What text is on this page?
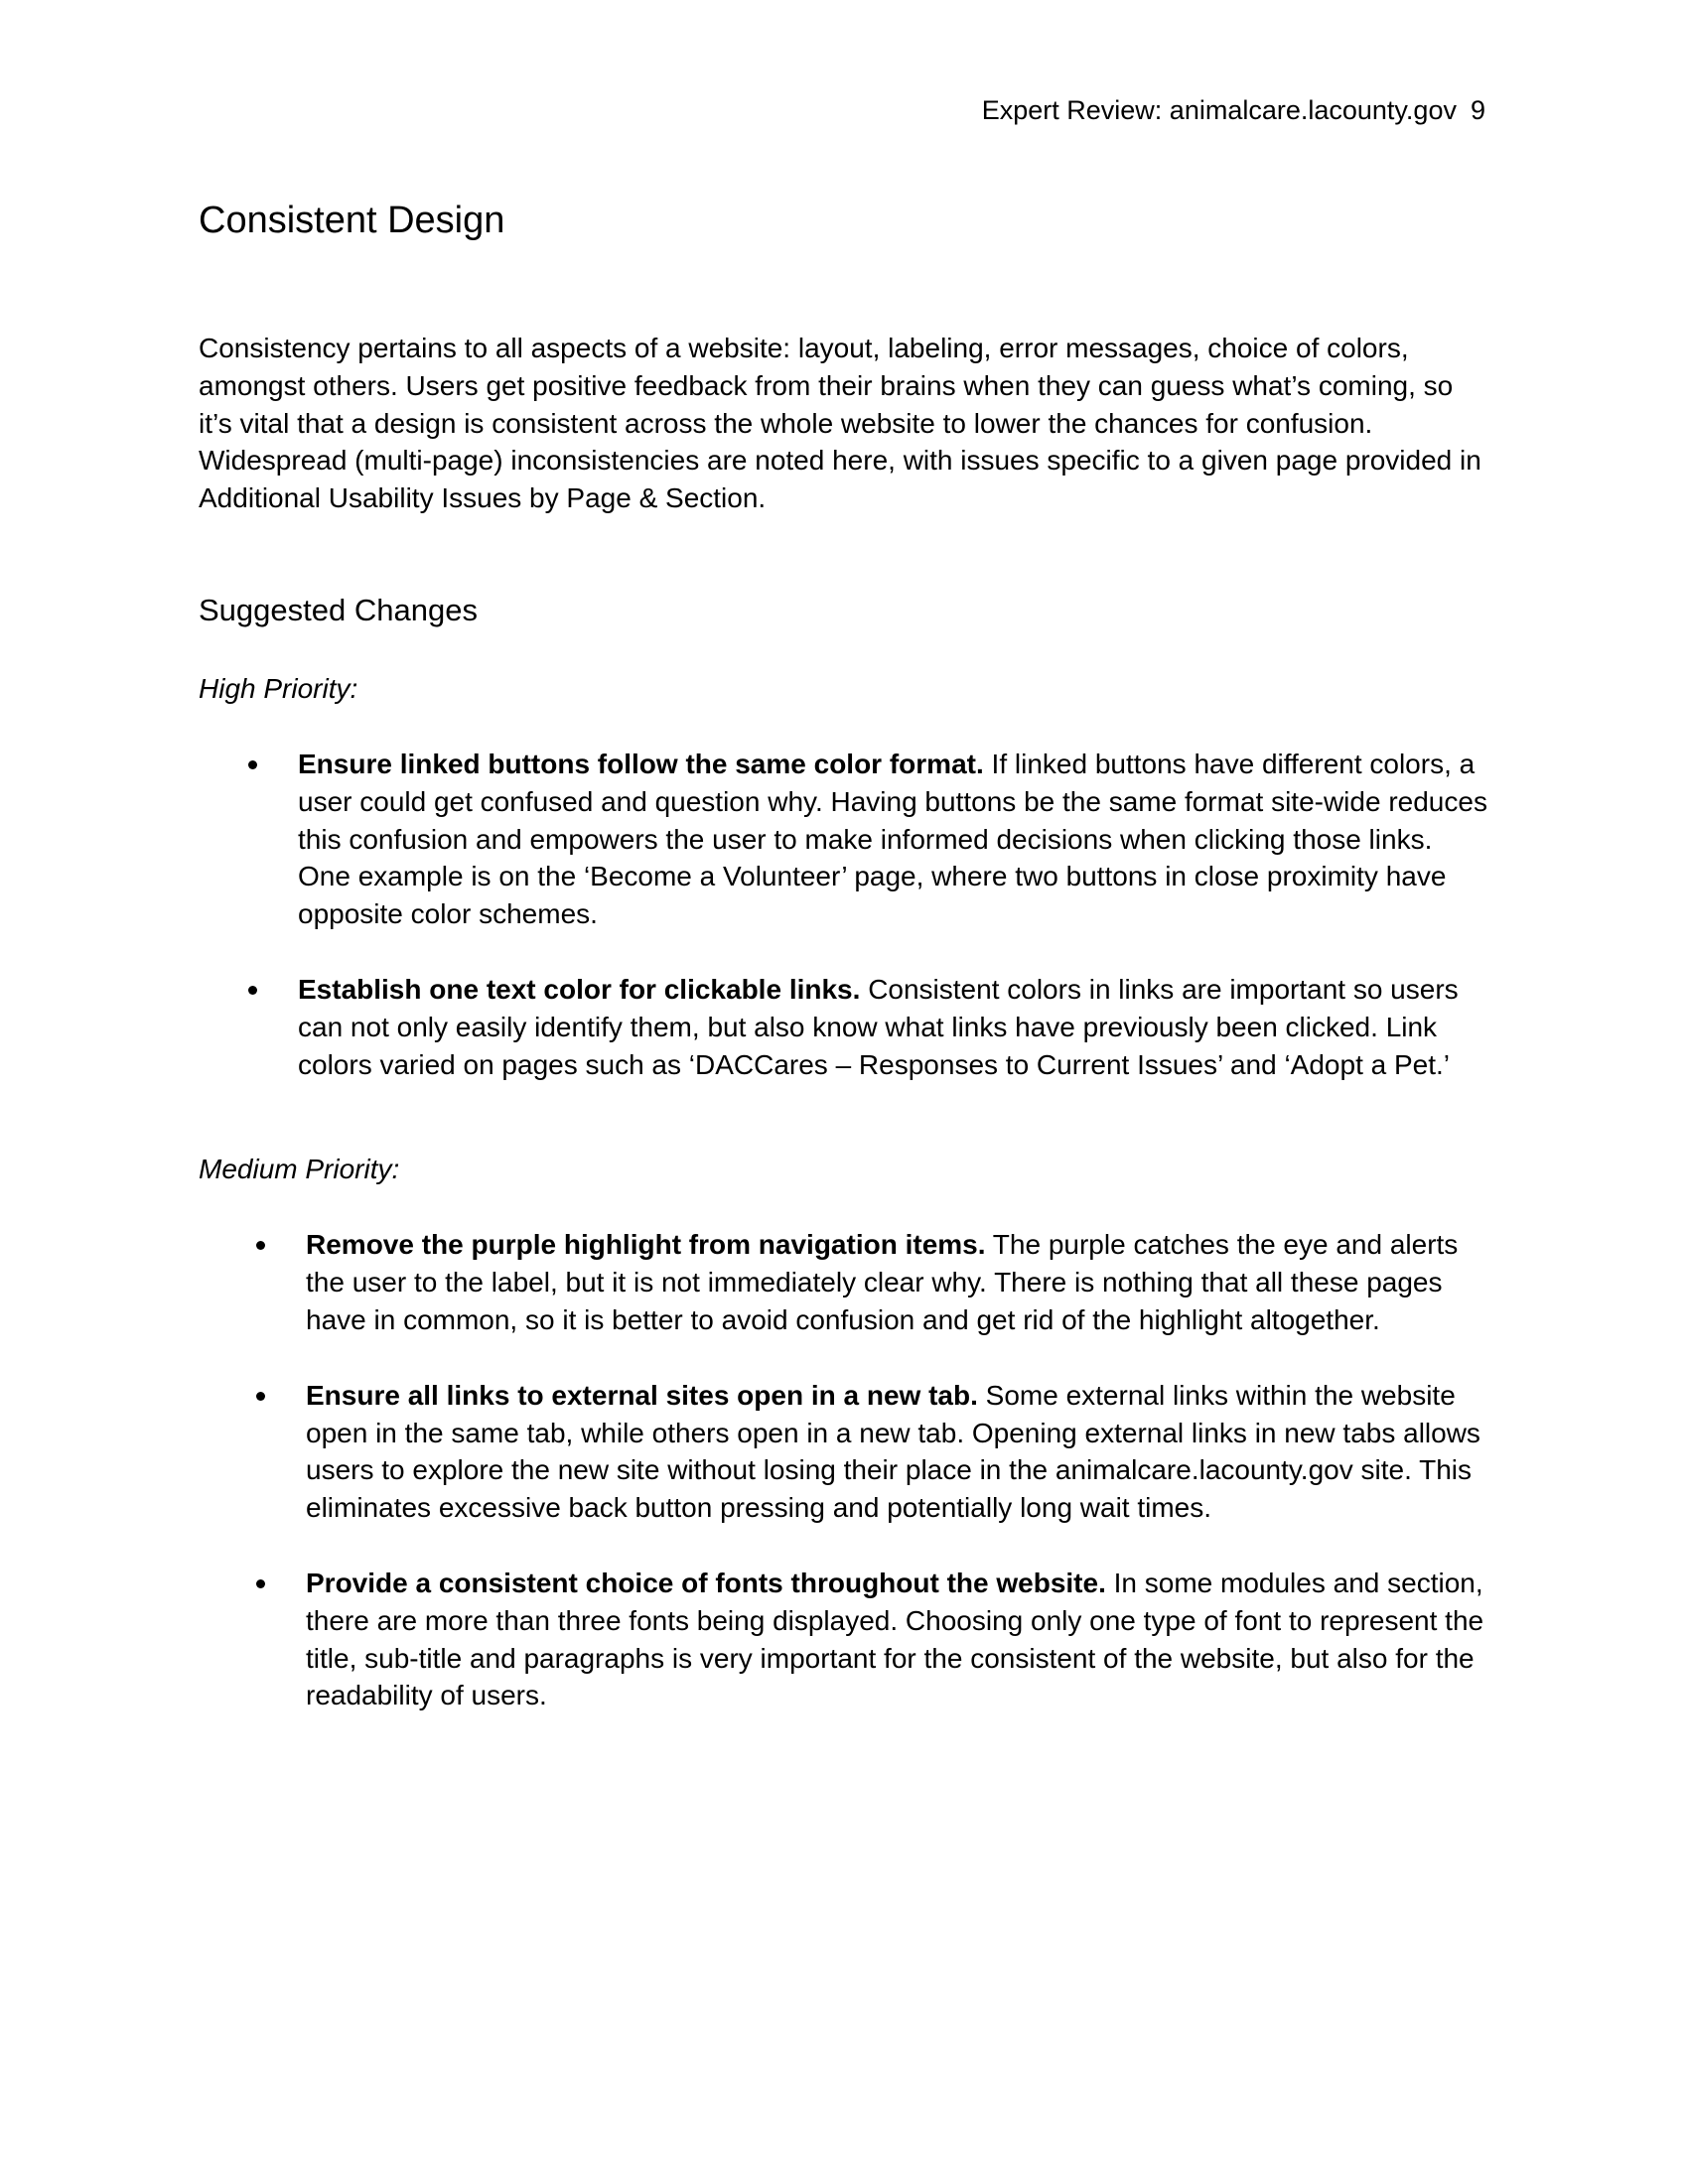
Expert Review: animalcare.lacounty.gov 9
Consistent Design

Consistency pertains to all aspects of a website: layout, labeling, error messages, choice of colors, amongst others. Users get positive feedback from their brains when they can guess what’s coming, so it’s vital that a design is consistent across the whole website to lower the chances for confusion. Widespread (multi-page) inconsistencies are noted here, with issues specific to a given page provided in Additional Usability Issues by Page & Section.

Suggested Changes

High Priority:

Ensure linked buttons follow the same color format. If linked buttons have different colors, a user could get confused and question why. Having buttons be the same format site-wide reduces this confusion and empowers the user to make informed decisions when clicking those links. One example is on the ‘Become a Volunteer’ page, where two buttons in close proximity have opposite color schemes.
Establish one text color for clickable links. Consistent colors in links are important so users can not only easily identify them, but also know what links have previously been clicked. Link colors varied on pages such as ‘DACCares – Responses to Current Issues’ and ‘Adopt a Pet.’

Medium Priority:

Remove the purple highlight from navigation items. The purple catches the eye and alerts the user to the label, but it is not immediately clear why. There is nothing that all these pages have in common, so it is better to avoid confusion and get rid of the highlight altogether.
Ensure all links to external sites open in a new tab. Some external links within the website open in the same tab, while others open in a new tab. Opening external links in new tabs allows users to explore the new site without losing their place in the animalcare.lacounty.gov site. This eliminates excessive back button pressing and potentially long wait times.
Provide a consistent choice of fonts throughout the website. In some modules and section, there are more than three fonts being displayed. Choosing only one type of font to represent the title, sub-title and paragraphs is very important for the consistent of the website, but also for the readability of users.
